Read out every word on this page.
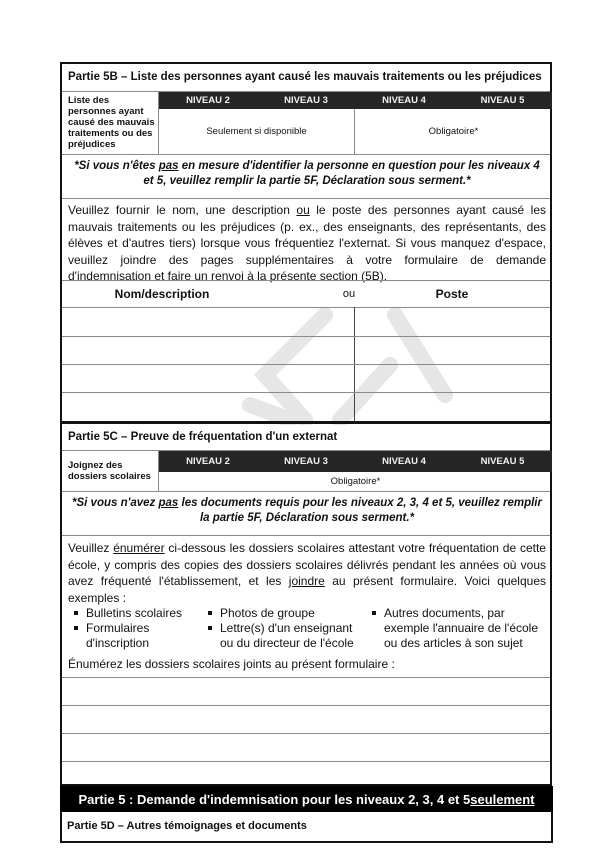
Partie 5B – Liste des personnes ayant causé les mauvais traitements ou les préjudices
Liste des personnes ayant causé des mauvais traitements ou des préjudices
NIVEAU 2	NIVEAU 3	NIVEAU 4	NIVEAU 5
Seulement si disponible	Obligatoire*
*Si vous n'êtes pas en mesure d'identifier la personne en question pour les niveaux 4 et 5, veuillez remplir la partie 5F, Déclaration sous serment.*
Veuillez fournir le nom, une description ou le poste des personnes ayant causé les mauvais traitements ou les préjudices (p. ex., des enseignants, des représentants, des élèves et d'autres tiers) lorsque vous fréquentiez l'externat. Si vous manquez d'espace, veuillez joindre des pages supplémentaires à votre formulaire de demande d'indemnisation et faire un renvoi à la présente section (5B).
Nom/description	ou	Poste
Partie 5C – Preuve de fréquentation d'un externat
Joignez des dossiers scolaires
NIVEAU 2	NIVEAU 3	NIVEAU 4	NIVEAU 5
Obligatoire*
*Si vous n'avez pas les documents requis pour les niveaux 2, 3, 4 et 5, veuillez remplir la partie 5F, Déclaration sous serment.*
Veuillez énumérer ci-dessous les dossiers scolaires attestant votre fréquentation de cette école, y compris des copies des dossiers scolaires délivrés pendant les années où vous avez fréquenté l'établissement, et les joindre au présent formulaire. Voici quelques exemples :
Bulletins scolaires
Formulaires d'inscription
Photos de groupe
Lettre(s) d'un enseignant ou du directeur de l'école
Autres documents, par exemple l'annuaire de l'école ou des articles à son sujet
Énumérez les dossiers scolaires joints au présent formulaire :
Partie 5 : Demande d'indemnisation pour les niveaux 2, 3, 4 et 5 seulement
Partie 5D – Autres témoignages et documents
